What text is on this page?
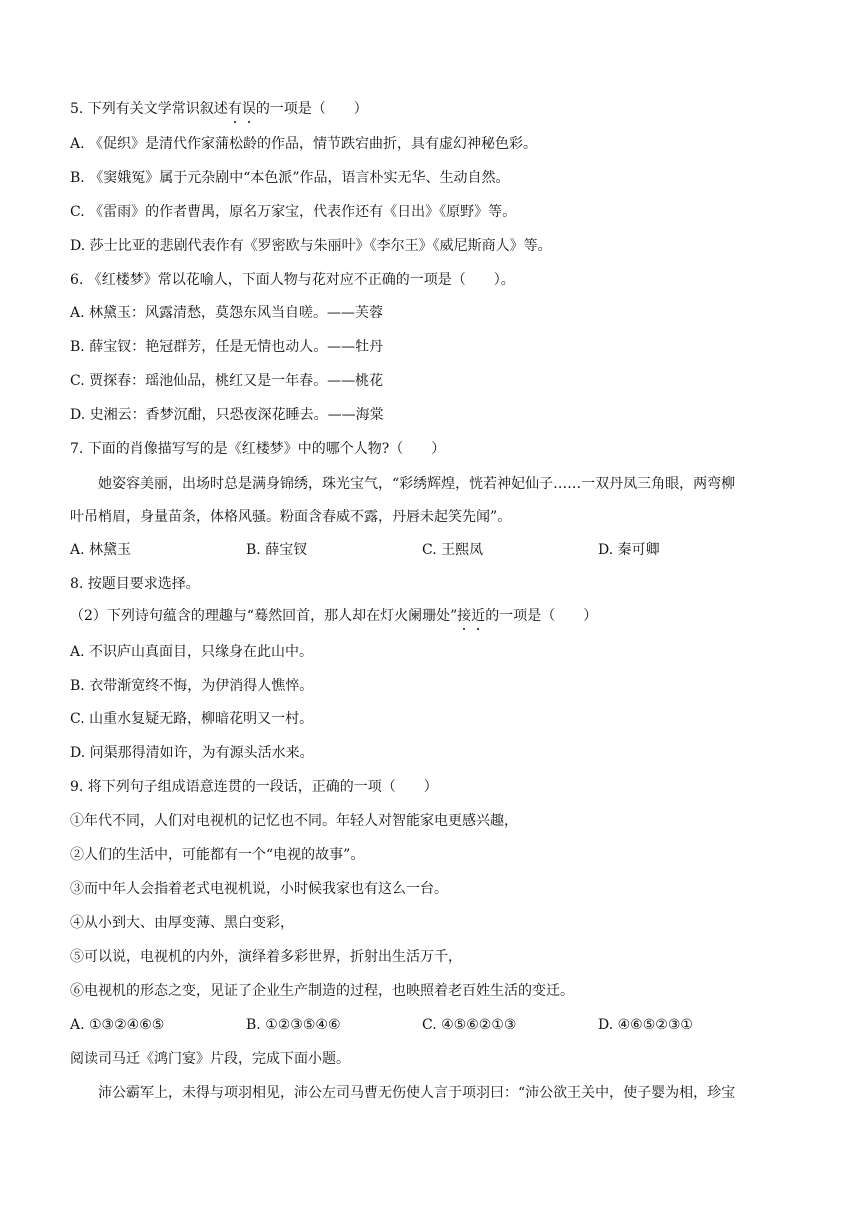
5. 下列有关文学常识叙述有误的一项是（　　）
A. 《促织》是清代作家蒲松龄的作品，情节跌宕曲折，具有虚幻神秘色彩。
B. 《窦娥冤》属于元杂剧中“本色派”作品，语言朴实无华、生动自然。
C. 《雷雨》的作者曹禺，原名万家宝，代表作还有《日出》《原野》等。
D. 莎士比亚的悲剧代表作有《罗密欧与朱丽叶》《李尔王》《威尼斯商人》等。
6. 《红楼梦》常以花喻人，下面人物与花对应不正确的一项是（　　）。
A. 林黛玉：风露清愁，莫怨东风当自嗟。——芙蓉
B. 薛宝钗：艳冠群芳，任是无情也动人。——牡丹
C. 贾探春：瑶池仙品，桃红又是一年春。——桃花
D. 史湘云：香梦沉酣，只恐夜深花睡去。——海棠
7. 下面的肖像描写写的是《红楼梦》中的哪个人物?（　　）
她姿容美丽，出场时总是满身锦绣，珠光宝气，“彩绣辉煌，恍若神妃仙子……一双丹凤三角眼，两弯柳
叶吊梢眉，身量苗条，体格风骚。粉面含春威不露，丹唇未起笑先闻”。
A. 林黛玉	B. 薛宝钗	C. 王熙凤	D. 秦可卿
8. 按题目要求选择。
（2）下列诗句蕴含的理趣与“蓦然回首，那人却在灯火阑珊处”接近的一项是（　　）
A. 不识庐山真面目，只缘身在此山中。
B. 衣带渐宽终不悔，为伊消得人憔悴。
C. 山重水复疑无路，柳暗花明又一村。
D. 问渠那得清如许，为有源头活水来。
9. 将下列句子组成语意连贯的一段话，正确的一项（　　）
①年代不同，人们对电视机的记忆也不同。年轻人对智能家电更感兴趣，
②人们的生活中，可能都有一个“电视的故事”。
③而中年人会指着老式电视机说，小时候我家也有这么一台。
④从小到大、由厚变薄、黑白变彩，
⑤可以说，电视机的内外，演绎着多彩世界，折射出生活万千，
⑥电视机的形态之变，见证了企业生产制造的过程，也映照着老百姓生活的变迁。
A. ①③②④⑥⑤	B. ①②③⑤④⑥	C. ④⑤⑥②①③	D. ④⑥⑤②③①
阅读司马迁《鸿门宴》片段，完成下面小题。
沛公霸军上，未得与项羽相见，沛公左司马曹无伤使人言于项羽曰：“沛公欲王关中，使子婴为相，珍宝
